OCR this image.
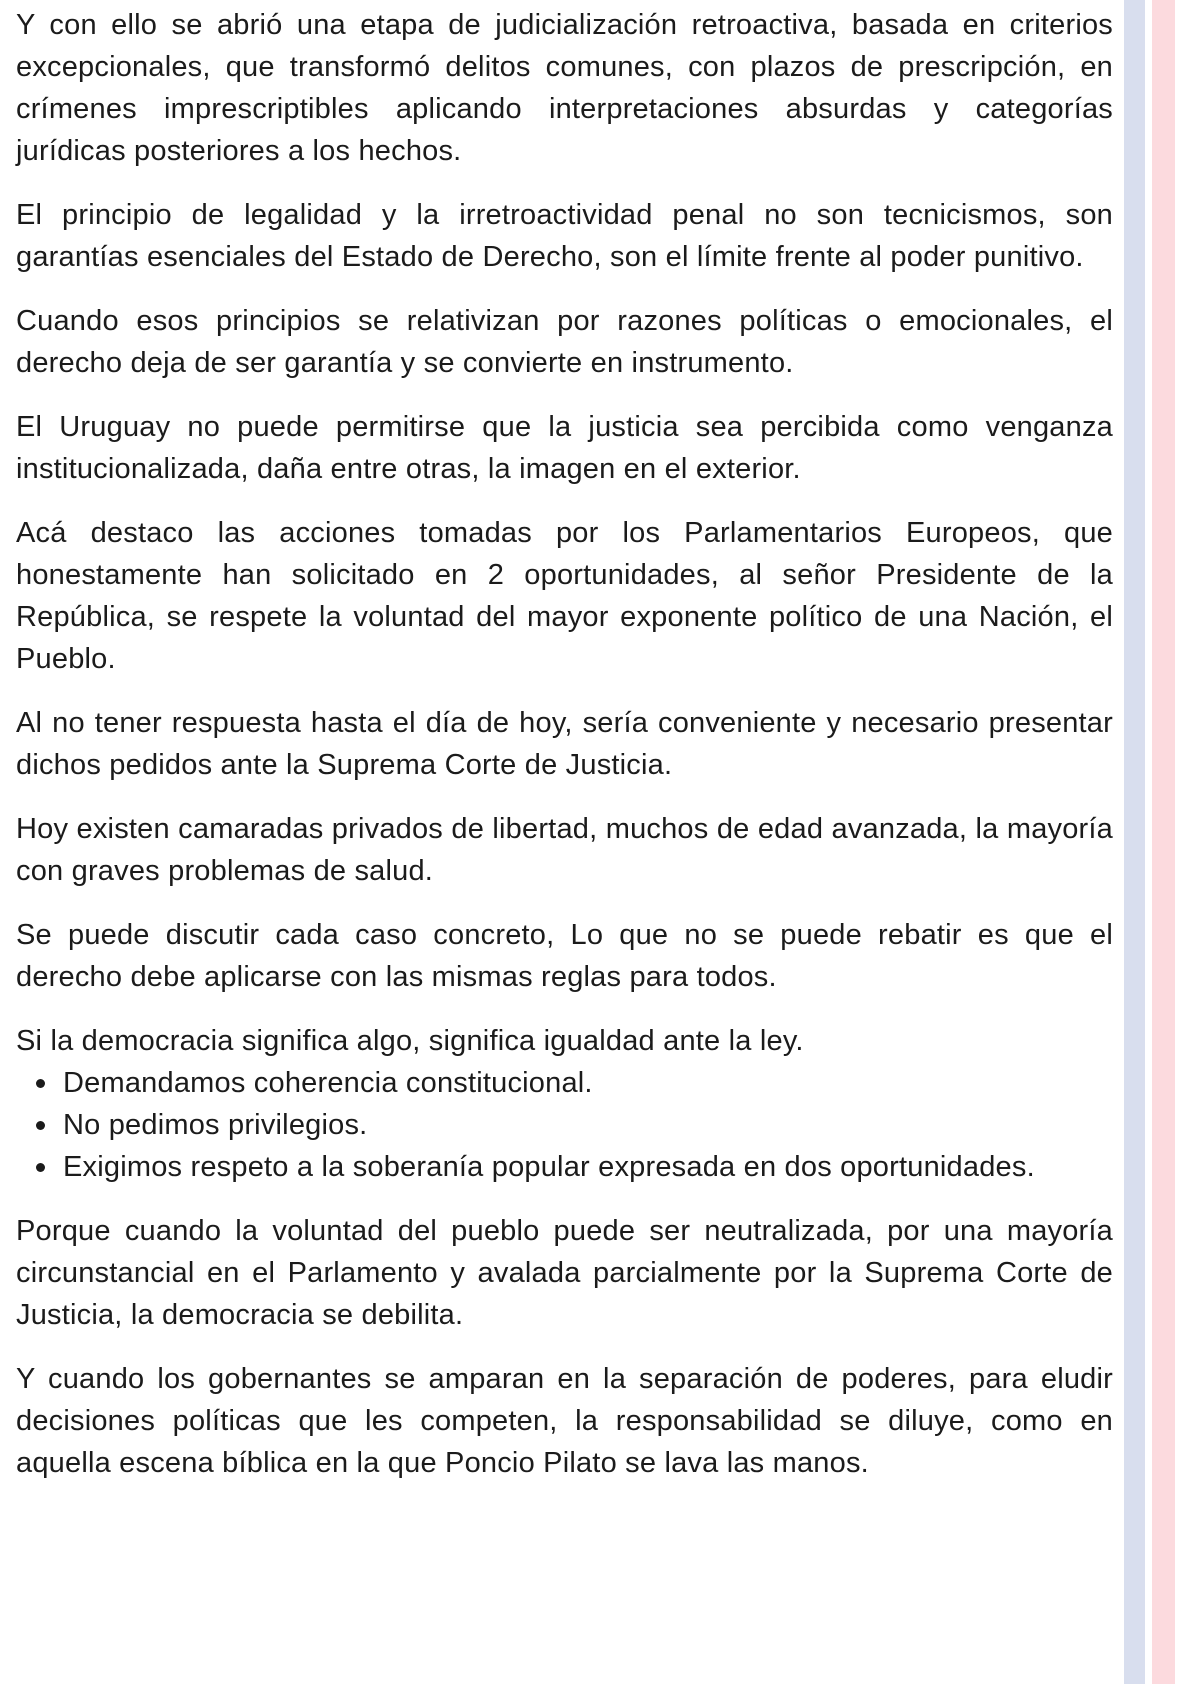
Y con ello se abrió una etapa de judicialización retroactiva, basada en criterios excepcionales, que transformó delitos comunes, con plazos de prescripción, en crímenes imprescriptibles aplicando interpretaciones absurdas y categorías jurídicas posteriores a los hechos.

El principio de legalidad y la irretroactividad penal no son tecnicismos, son garantías esenciales del Estado de Derecho, son el límite frente al poder punitivo.

Cuando esos principios se relativizan por razones políticas o emocionales, el derecho deja de ser garantía y se convierte en instrumento.

El Uruguay no puede permitirse que la justicia sea percibida como venganza institucionalizada, daña entre otras, la imagen en el exterior.

Acá destaco las acciones tomadas por los Parlamentarios Europeos, que honestamente han solicitado en 2 oportunidades, al señor Presidente de la República, se respete la voluntad del mayor exponente político de una Nación, el Pueblo.

Al no tener respuesta hasta el día de hoy, sería conveniente y necesario presentar dichos pedidos ante la Suprema Corte de Justicia.

Hoy existen camaradas privados de libertad, muchos de edad avanzada, la mayoría con graves problemas de salud.

Se puede discutir cada caso concreto, Lo que no se puede rebatir es que el derecho debe aplicarse con las mismas reglas para todos.

Si la democracia significa algo, significa igualdad ante la ley.

Demandamos coherencia constitucional.
No pedimos privilegios.
Exigimos respeto a la soberanía popular expresada en dos oportunidades.

Porque cuando la voluntad del pueblo puede ser neutralizada, por una mayoría circunstancial en el Parlamento y avalada parcialmente por la Suprema Corte de Justicia, la democracia se debilita.

Y cuando los gobernantes se amparan en la separación de poderes, para eludir decisiones políticas que les competen, la responsabilidad se diluye, como en aquella escena bíblica en la que Poncio Pilato se lava las manos.
